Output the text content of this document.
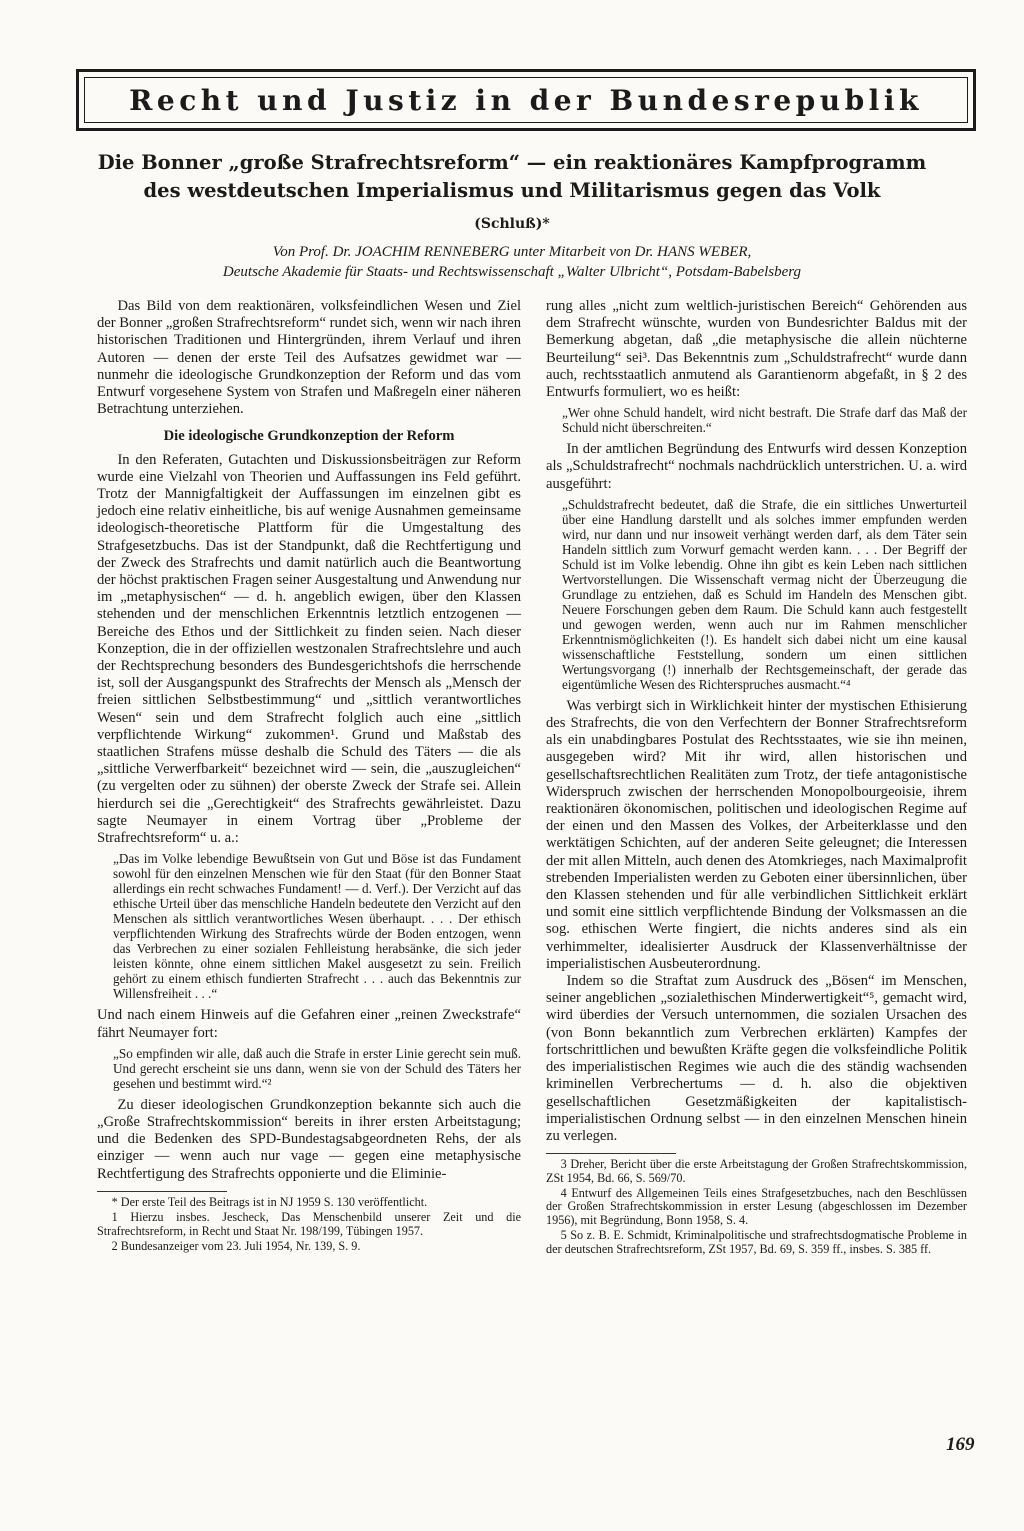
Recht und Justiz in der Bundesrepublik
Die Bonner „große Strafrechtsreform“ — ein reaktionäres Kampfprogramm
des westdeutschen Imperialismus und Militarismus gegen das Volk
(Schluß)*
Von Prof. Dr. JOACHIM RENNEBERG unter Mitarbeit von Dr. HANS WEBER,
Deutsche Akademie für Staats- und Rechtswissenschaft „Walter Ulbricht“, Potsdam-Babelsberg

Das Bild von dem reaktionären, volksfeindlichen Wesen und Ziel der Bonner „großen Strafrechtsreform“ rundet sich, wenn wir nach ihren historischen Traditionen und Hintergründen, ihrem Verlauf und ihren Autoren — denen der erste Teil des Aufsatzes gewidmet war — nunmehr die ideologische Grundkonzeption der Reform und das vom Entwurf vorgesehene System von Strafen und Maßregeln einer näheren Betrachtung unterziehen.

Die ideologische Grundkonzeption der Reform

In den Referaten, Gutachten und Diskussionsbeiträgen zur Reform wurde eine Vielzahl von Theorien und Auffassungen ins Feld geführt. Trotz der Mannigfaltigkeit der Auffassungen im einzelnen gibt es jedoch eine relativ einheitliche, bis auf wenige Ausnahmen gemeinsame ideologisch-theoretische Plattform für die Umgestaltung des Strafgesetzbuchs. Das ist der Standpunkt, daß die Rechtfertigung und der Zweck des Strafrechts und damit natürlich auch die Beantwortung der höchst praktischen Fragen seiner Ausgestaltung und Anwendung nur im „metaphysischen“ — d. h. angeblich ewigen, über den Klassen stehenden und der menschlichen Erkenntnis letztlich entzogenen — Bereiche des Ethos und der Sittlichkeit zu finden seien. Nach dieser Konzeption, die in der offiziellen westzonalen Strafrechtslehre und auch der Rechtsprechung besonders des Bundesgerichtshofs die herrschende ist, soll der Ausgangspunkt des Strafrechts der Mensch als „Mensch der freien sittlichen Selbstbestimmung“ und „sittlich verantwortliches Wesen“ sein und dem Strafrecht folglich auch eine „sittlich verpflichtende Wirkung“ zukommen¹. Grund und Maßstab des staatlichen Strafens müsse deshalb die Schuld des Täters — die als „sittliche Verwerfbarkeit“ bezeichnet wird — sein, die „auszugleichen“ (zu vergelten oder zu sühnen) der oberste Zweck der Strafe sei. Allein hierdurch sei die „Gerechtigkeit“ des Strafrechts gewährleistet. Dazu sagte Neumayer in einem Vortrag über „Probleme der Strafrechtsreform“ u. a.:

„Das im Volke lebendige Bewußtsein von Gut und Böse ist das Fundament sowohl für den einzelnen Menschen wie für den Staat (für den Bonner Staat allerdings ein recht schwaches Fundament! — d. Verf.). Der Verzicht auf das ethische Urteil über das menschliche Handeln bedeutete den Verzicht auf den Menschen als sittlich verantwortliches Wesen überhaupt. . . . Der ethisch verpflichtenden Wirkung des Strafrechts würde der Boden entzogen, wenn das Verbrechen zu einer sozialen Fehlleistung herabsänke, die sich jeder leisten könnte, ohne einem sittlichen Makel ausgesetzt zu sein. Freilich gehört zu einem ethisch fundierten Strafrecht . . . auch das Bekenntnis zur Willensfreiheit . . .“

Und nach einem Hinweis auf die Gefahren einer „reinen Zweckstrafe“ fährt Neumayer fort:

„So empfinden wir alle, daß auch die Strafe in erster Linie gerecht sein muß. Und gerecht erscheint sie uns dann, wenn sie von der Schuld des Täters her gesehen und bestimmt wird.“²

Zu dieser ideologischen Grundkonzeption bekannte sich auch die „Große Strafrechtskommission“ bereits in ihrer ersten Arbeitstagung; und die Bedenken des SPD-Bundestagsabgeordneten Rehs, der als einziger — wenn auch nur vage — gegen eine metaphysische Rechtfertigung des Strafrechts opponierte und die Eliminie-

* Der erste Teil des Beitrags ist in NJ 1959 S. 130 veröffentlicht.
1 Hierzu insbes. Jescheck, Das Menschenbild unserer Zeit und die Strafrechtsreform, in Recht und Staat Nr. 198/199, Tübingen 1957.
2 Bundesanzeiger vom 23. Juli 1954, Nr. 139, S. 9.

rung alles „nicht zum weltlich-juristischen Bereich“ Gehörenden aus dem Strafrecht wünschte, wurden von Bundesrichter Baldus mit der Bemerkung abgetan, daß „die metaphysische die allein nüchterne Beurteilung“ sei³. Das Bekenntnis zum „Schuldstrafrecht“ wurde dann auch, rechtsstaatlich anmutend als Garantienorm abgefaßt, in § 2 des Entwurfs formuliert, wo es heißt:

„Wer ohne Schuld handelt, wird nicht bestraft. Die Strafe darf das Maß der Schuld nicht überschreiten.“

In der amtlichen Begründung des Entwurfs wird dessen Konzeption als „Schuldstrafrecht“ nochmals nachdrücklich unterstrichen. U. a. wird ausgeführt:

„Schuldstrafrecht bedeutet, daß die Strafe, die ein sittliches Unwerturteil über eine Handlung darstellt und als solches immer empfunden werden wird, nur dann und nur insoweit verhängt werden darf, als dem Täter sein Handeln sittlich zum Vorwurf gemacht werden kann. . . . Der Begriff der Schuld ist im Volke lebendig. Ohne ihn gibt es kein Leben nach sittlichen Wertvorstellungen. Die Wissenschaft vermag nicht der Überzeugung die Grundlage zu entziehen, daß es Schuld im Handeln des Menschen gibt. Neuere Forschungen geben dem Raum. Die Schuld kann auch festgestellt und gewogen werden, wenn auch nur im Rahmen menschlicher Erkenntnismöglichkeiten (!). Es handelt sich dabei nicht um eine kausal wissenschaftliche Feststellung, sondern um einen sittlichen Wertungsvorgang (!) innerhalb der Rechtsgemeinschaft, der gerade das eigentümliche Wesen des Richterspruches ausmacht.“⁴

Was verbirgt sich in Wirklichkeit hinter der mystischen Ethisierung des Strafrechts, die von den Verfechtern der Bonner Strafrechtsreform als ein unabdingbares Postulat des Rechtsstaates, wie sie ihn meinen, ausgegeben wird? Mit ihr wird, allen historischen und gesellschaftsrechtlichen Realitäten zum Trotz, der tiefe antagonistische Widerspruch zwischen der herrschenden Monopolbourgeoisie, ihrem reaktionären ökonomischen, politischen und ideologischen Regime auf der einen und den Massen des Volkes, der Arbeiterklasse und den werktätigen Schichten, auf der anderen Seite geleugnet; die Interessen der mit allen Mitteln, auch denen des Atomkrieges, nach Maximalprofit strebenden Imperialisten werden zu Geboten einer übersinnlichen, über den Klassen stehenden und für alle verbindlichen Sittlichkeit erklärt und somit eine sittlich verpflichtende Bindung der Volksmassen an die sog. ethischen Werte fingiert, die nichts anderes sind als ein verhimmelter, idealisierter Ausdruck der Klassenverhältnisse der imperialistischen Ausbeuterordnung.

Indem so die Straftat zum Ausdruck des „Bösen“ im Menschen, seiner angeblichen „sozialethischen Minderwertigkeit“⁵, gemacht wird, wird überdies der Versuch unternommen, die sozialen Ursachen des (von Bonn bekanntlich zum Verbrechen erklärten) Kampfes der fortschrittlichen und bewußten Kräfte gegen die volksfeindliche Politik des imperialistischen Regimes wie auch die des ständig wachsenden kriminellen Verbrechertums — d. h. also die objektiven gesellschaftlichen Gesetzmäßigkeiten der kapitalistisch-imperialistischen Ordnung selbst — in den einzelnen Menschen hinein zu verlegen.

3 Dreher, Bericht über die erste Arbeitstagung der Großen Strafrechtskommission, ZSt 1954, Bd. 66, S. 569/70.
4 Entwurf des Allgemeinen Teils eines Strafgesetzbuches, nach den Beschlüssen der Großen Strafrechtskommission in erster Lesung (abgeschlossen im Dezember 1956), mit Begründung, Bonn 1958, S. 4.
5 So z. B. E. Schmidt, Kriminalpolitische und strafrechtsdogmatische Probleme in der deutschen Strafrechtsreform, ZSt 1957, Bd. 69, S. 359 ff., insbes. S. 385 ff.
169
